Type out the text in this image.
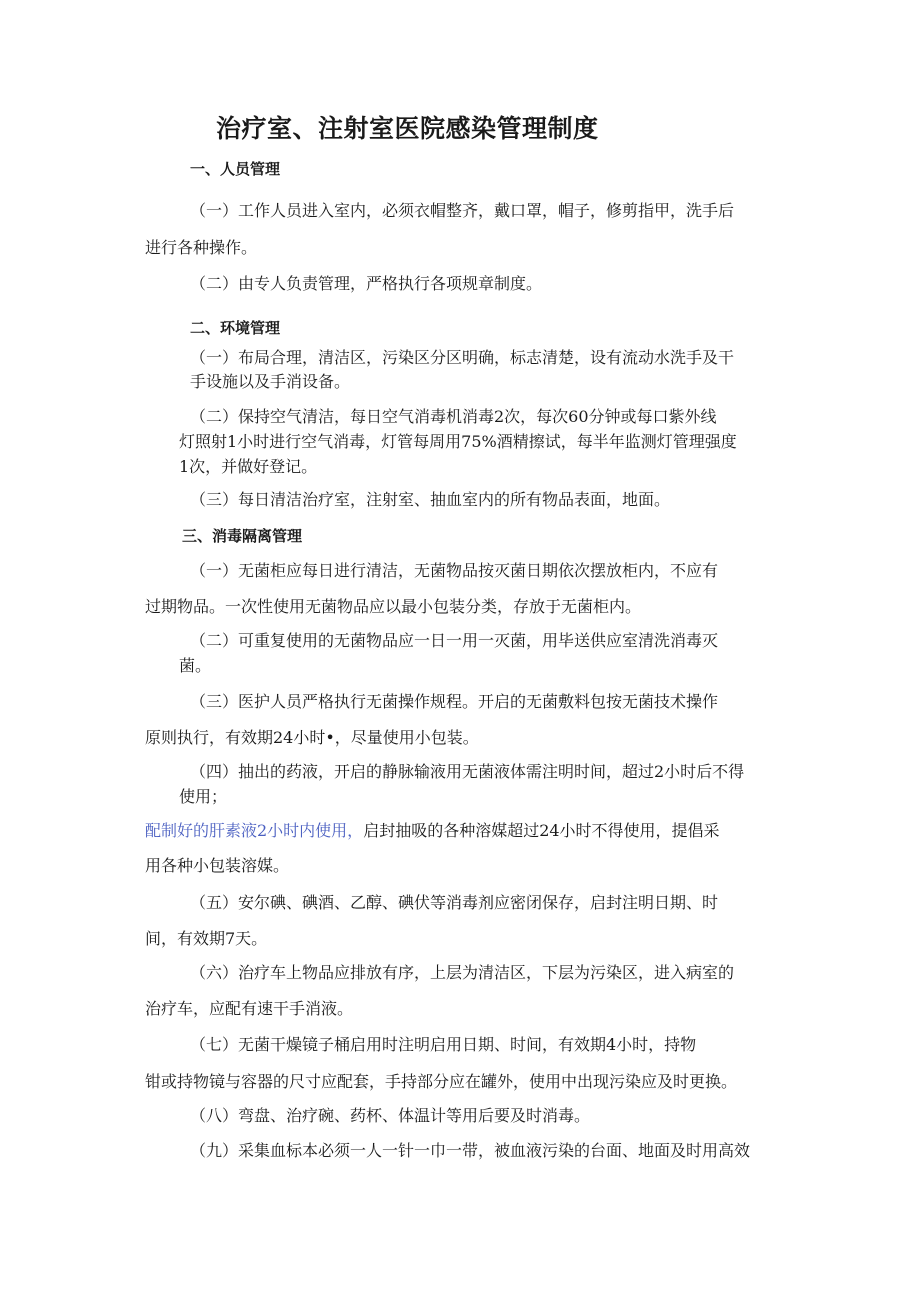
治疗室、注射室医院感染管理制度
一、人员管理
（一）工作人员进入室内，必须衣帽整齐，戴口罩，帽子，修剪指甲，洗手后
进行各种操作。
（二）由专人负责管理，严格执行各项规章制度。
二、环境管理
（一）布局合理，清洁区，污染区分区明确，标志清楚，设有流动水洗手及干
手设施以及手消设备。
（二）保持空气清洁，每日空气消毒机消毒2次，每次60分钟或每口紫外线
灯照射1小时进行空气消毒，灯管每周用75%酒精擦试，每半年监测灯管理强度
1次，并做好登记。
（三）每日清洁治疗室，注射室、抽血室内的所有物品表面，地面。
三、消毒隔离管理
（一）无菌柜应每日进行清洁，无菌物品按灭菌日期依次摆放柜内，不应有
过期物品。一次性使用无菌物品应以最小包装分类，存放于无菌柜内。
（二）可重复使用的无菌物品应一日一用一灭菌，用毕送供应室清洗消毒灭
菌。
（三）医护人员严格执行无菌操作规程。开启的无菌敷料包按无菌技术操作
原则执行，有效期24小时•，尽量使用小包装。
（四）抽出的药液，开启的静脉输液用无菌液体需注明时间，超过2小时后不得
使用；
配制好的肝素液2小时内使用，启封抽吸的各种溶媒超过24小时不得使用，提倡采
用各种小包装溶媒。
（五）安尔碘、碘酒、乙醇、碘伏等消毒剂应密闭保存，启封注明日期、时
间，有效期7天。
（六）治疗车上物品应排放有序，上层为清洁区，下层为污染区，进入病室的
治疗车，应配有速干手消液。
（七）无菌干燥镜子桶启用时注明启用日期、时间，有效期4小时，持物
钳或持物镜与容器的尺寸应配套，手持部分应在罐外，使用中出现污染应及时更换。
（八）弯盘、治疗碗、药杯、体温计等用后要及时消毒。
（九）采集血标本必须一人一针一巾一带，被血液污染的台面、地面及时用高效
